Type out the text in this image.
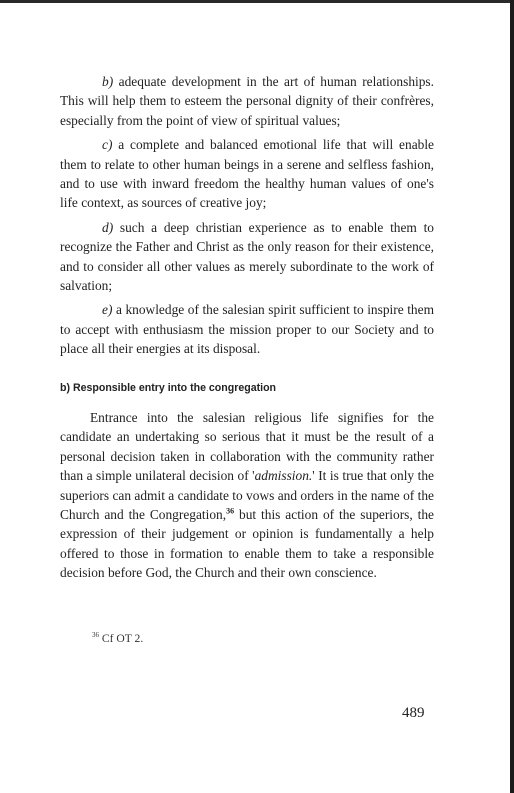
b) adequate development in the art of human relationships. This will help them to esteem the personal dignity of their confrères, especially from the point of view of spiritual values;

c) a complete and balanced emotional life that will enable them to relate to other human beings in a serene and selfless fashion, and to use with inward freedom the healthy human values of one's life context, as sources of creative joy;

d) such a deep christian experience as to enable them to recognize the Father and Christ as the only reason for their existence, and to consider all other values as merely subordinate to the work of salvation;

e) a knowledge of the salesian spirit sufficient to inspire them to accept with enthusiasm the mission proper to our Society and to place all their energies at its disposal.

b) Responsible entry into the congregation

Entrance into the salesian religious life signifies for the candidate an undertaking so serious that it must be the result of a personal decision taken in collaboration with the community rather than a simple unilateral decision of 'admission.' It is true that only the superiors can admit a candidate to vows and orders in the name of the Church and the Congregation,$^{36}$ but this action of the superiors, the expression of their judgement or opinion is fundamentally a help offered to those in formation to enable them to take a responsible decision before God, the Church and their own conscience.

$^{36}$ Cf OT 2.
489
